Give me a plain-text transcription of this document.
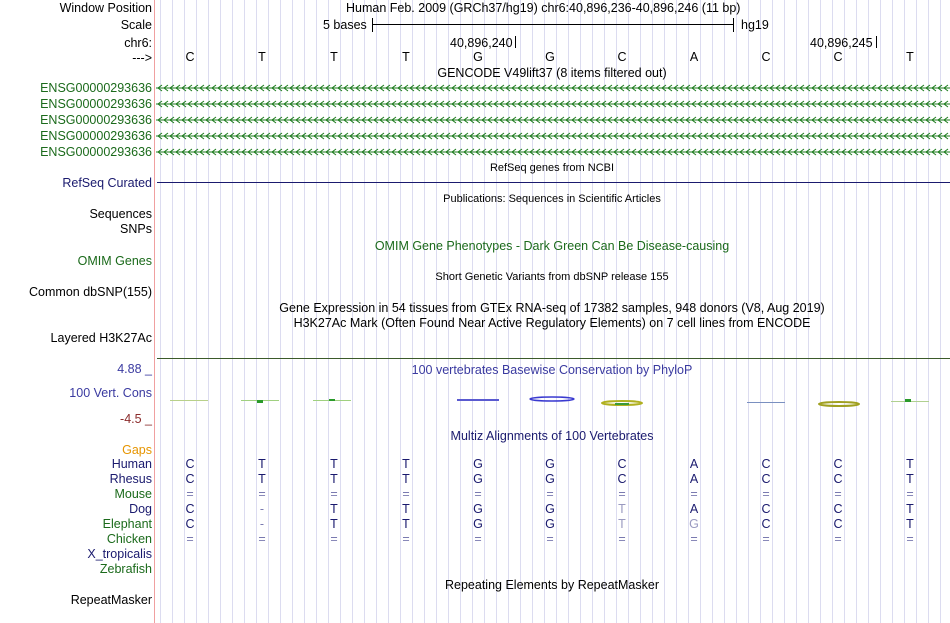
Window Position	Human Feb. 2009 (GRCh37/hg19) chr6:40,896,236-40,896,246 (11 bp)
Scale	5 bases	hg19
chr6:	40,896,240	40,896,245
--->	C	T	T	T	G	G	C	A	C	C	T
GENCODE V49lift37 (8 items filtered out)
ENSG00000293636
ENSG00000293636
ENSG00000293636
ENSG00000293636
ENSG00000293636
RefSeq genes from NCBI
RefSeq Curated
Publications: Sequences in Scientific Articles
Sequences
SNPs
OMIM Gene Phenotypes - Dark Green Can Be Disease-causing
OMIM Genes
Short Genetic Variants from dbSNP release 155
Common dbSNP(155)
Gene Expression in 54 tissues from GTEx RNA-seq of 17382 samples, 948 donors (V8, Aug 2019)
H3K27Ac Mark (Often Found Near Active Regulatory Elements) on 7 cell lines from ENCODE
Layered H3K27Ac
4.88 _	100 vertebrates Basewise Conservation by PhyloP
100 Vert. Cons
-4.5 _
Gaps
Multiz Alignments of 100 Vertebrates
Human	C	T	T	T	G	G	C	A	C	C	T
Rhesus	C	T	T	T	G	G	C	A	C	C	T
Mouse	=	=	=	=	=	=	=	=	=	=	=
Dog	C	-	T	T	G	G	T	A	C	C	T
Elephant	C	-	T	T	G	G	T	G	C	C	T
Chicken	=	=	=	=	=	=	=	=	=	=	=
X_tropicalis
Zebrafish
Repeating Elements by RepeatMasker
RepeatMasker
